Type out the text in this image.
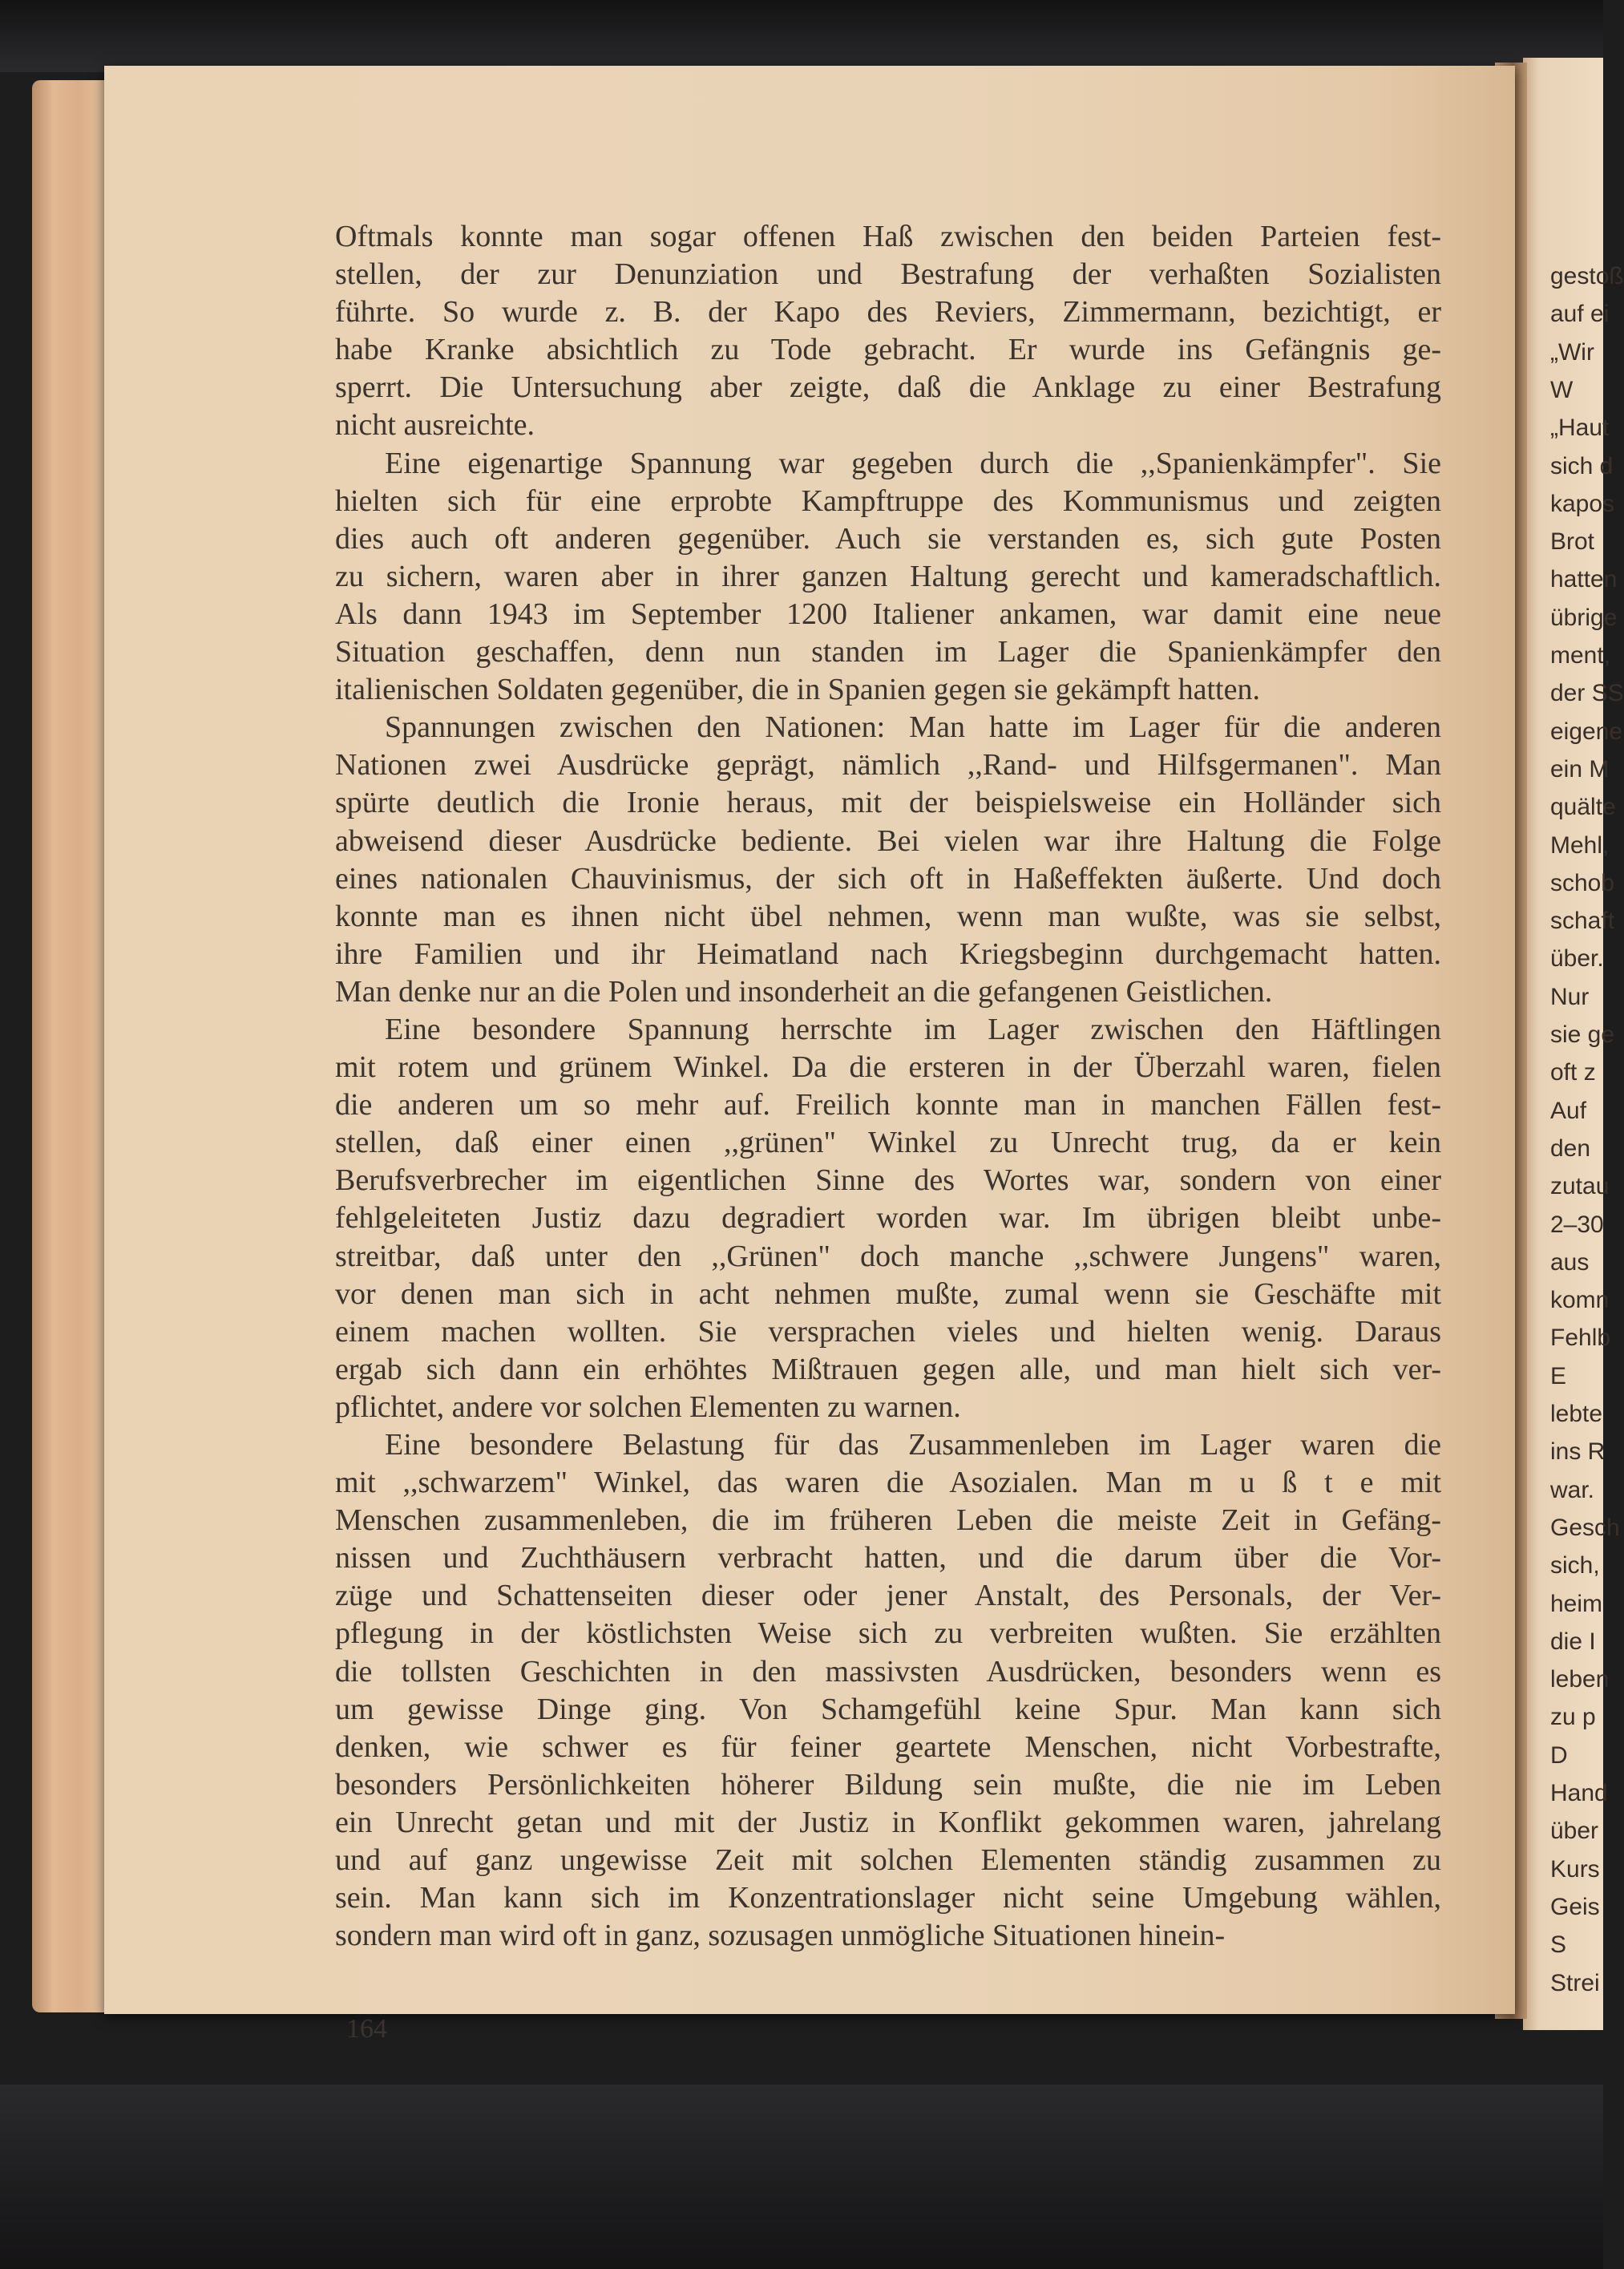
gestoß

auf ei

„Wir

W

„Haut

sich d

kapos

Brot

hatten

übrige

ment,

der SS

eigene

ein M

quälte

Mehl,

schob

schaft

über.

Nur

sie ge

oft z

Auf

den

zutau

2–30

aus

komn

Fehlb

E

lebte

ins R

war.

Gesch

sich,

heim

die I

leben

zu p

D

Hand

über

Kurs

Geis

S

Strei

Oftmals konnte man sogar offenen Haß zwischen den beiden Parteien fest-

stellen, der zur Denunziation und Bestrafung der verhaßten Sozialisten

führte. So wurde z. B. der Kapo des Reviers, Zimmermann, bezichtigt, er

habe Kranke absichtlich zu Tode gebracht. Er wurde ins Gefängnis ge-

sperrt. Die Untersuchung aber zeigte, daß die Anklage zu einer Bestrafung

nicht ausreichte.

Eine eigenartige Spannung war gegeben durch die ,,Spanienkämpfer". Sie

hielten sich für eine erprobte Kampftruppe des Kommunismus und zeigten

dies auch oft anderen gegenüber. Auch sie verstanden es, sich gute Posten

zu sichern, waren aber in ihrer ganzen Haltung gerecht und kameradschaftlich.

Als dann 1943 im September 1200 Italiener ankamen, war damit eine neue

Situation geschaffen, denn nun standen im Lager die Spanienkämpfer den

italienischen Soldaten gegenüber, die in Spanien gegen sie gekämpft hatten.

Spannungen zwischen den Nationen: Man hatte im Lager für die anderen

Nationen zwei Ausdrücke geprägt, nämlich ,,Rand- und Hilfsgermanen". Man

spürte deutlich die Ironie heraus, mit der beispielsweise ein Holländer sich

abweisend dieser Ausdrücke bediente. Bei vielen war ihre Haltung die Folge

eines nationalen Chauvinismus, der sich oft in Haßeffekten äußerte. Und doch

konnte man es ihnen nicht übel nehmen, wenn man wußte, was sie selbst,

ihre Familien und ihr Heimatland nach Kriegsbeginn durchgemacht hatten.

Man denke nur an die Polen und insonderheit an die gefangenen Geistlichen.

Eine besondere Spannung herrschte im Lager zwischen den Häftlingen

mit rotem und grünem Winkel. Da die ersteren in der Überzahl waren, fielen

die anderen um so mehr auf. Freilich konnte man in manchen Fällen fest-

stellen, daß einer einen ,,grünen" Winkel zu Unrecht trug, da er kein

Berufsverbrecher im eigentlichen Sinne des Wortes war, sondern von einer

fehlgeleiteten Justiz dazu degradiert worden war. Im übrigen bleibt unbe-

streitbar, daß unter den ,,Grünen" doch manche ,,schwere Jungens" waren,

vor denen man sich in acht nehmen mußte, zumal wenn sie Geschäfte mit

einem machen wollten. Sie versprachen vieles und hielten wenig. Daraus

ergab sich dann ein erhöhtes Mißtrauen gegen alle, und man hielt sich ver-

pflichtet, andere vor solchen Elementen zu warnen.

Eine besondere Belastung für das Zusammenleben im Lager waren die

mit ,,schwarzem" Winkel, das waren die Asozialen. Man m u ß t e mit

Menschen zusammenleben, die im früheren Leben die meiste Zeit in Gefäng-

nissen und Zuchthäusern verbracht hatten, und die darum über die Vor-

züge und Schattenseiten dieser oder jener Anstalt, des Personals, der Ver-

pflegung in der köstlichsten Weise sich zu verbreiten wußten. Sie erzählten

die tollsten Geschichten in den massivsten Ausdrücken, besonders wenn es

um gewisse Dinge ging. Von Schamgefühl keine Spur. Man kann sich

denken, wie schwer es für feiner geartete Menschen, nicht Vorbestrafte,

besonders Persönlichkeiten höherer Bildung sein mußte, die nie im Leben

ein Unrecht getan und mit der Justiz in Konflikt gekommen waren, jahrelang

und auf ganz ungewisse Zeit mit solchen Elementen ständig zusammen zu

sein. Man kann sich im Konzentrationslager nicht seine Umgebung wählen,

sondern man wird oft in ganz, sozusagen unmögliche Situationen hinein-

164
